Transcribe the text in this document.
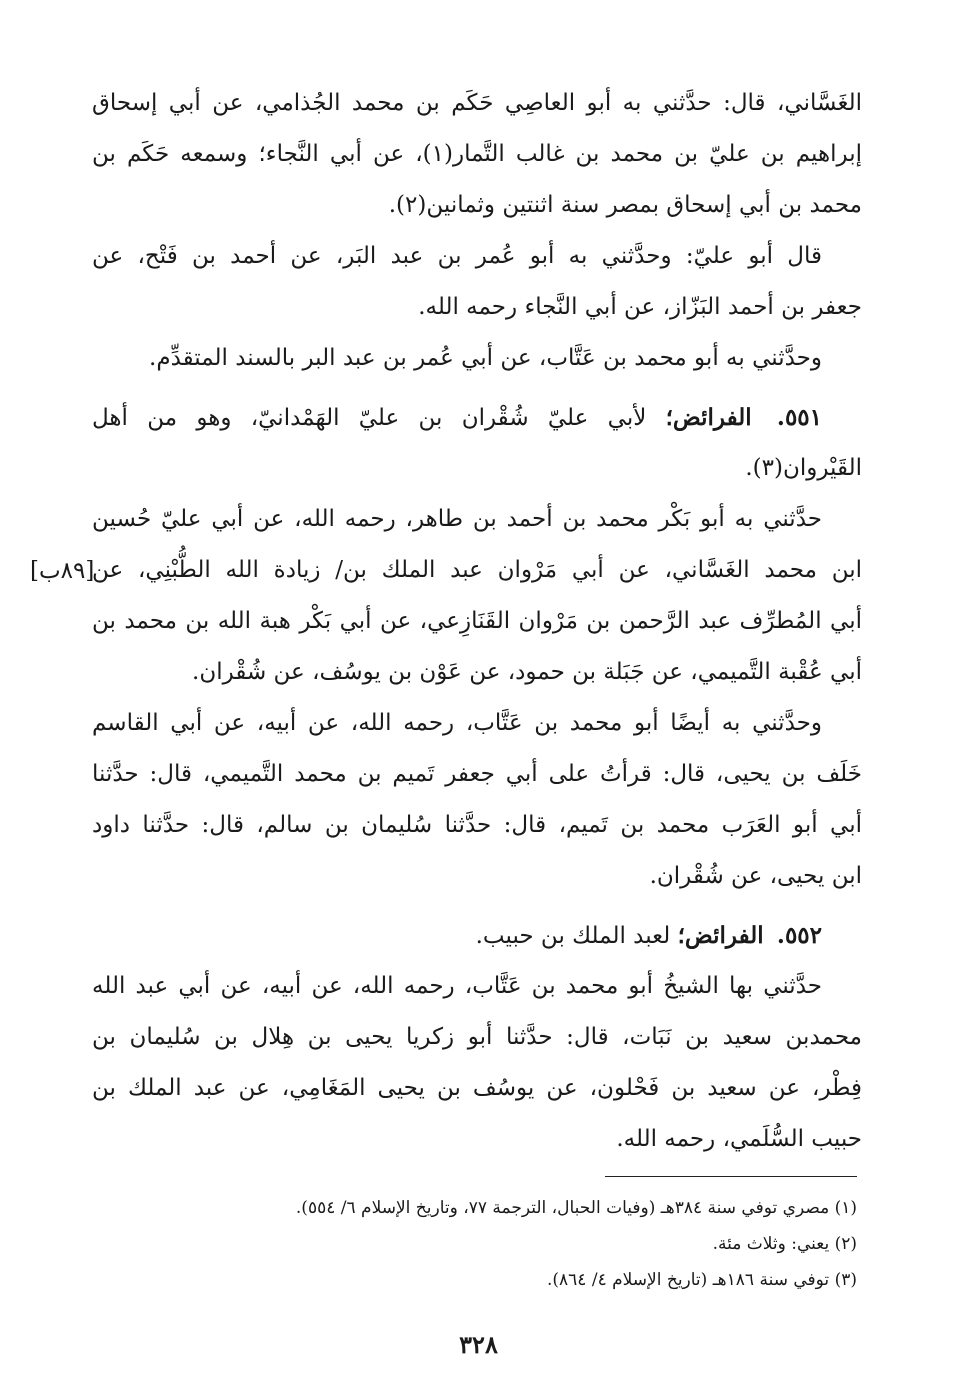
الغَسَّاني، قال: حدَّثني به أبو العاصِي حَكَم بن محمد الجُذامي، عن أبي إسحاق
إبراهيم بن عليّ بن محمد بن غالب التَّمار(١)، عن أبي النَّجاء؛ وسمعه حَكَم بن
محمد بن أبي إسحاق بمصر سنة اثنتين وثمانين(٢).
قال أبو عليّ: وحدَّثني به أبو عُمر بن عبد البَر، عن أحمد بن فَتْح، عن
جعفر بن أحمد البَزّاز، عن أبي النَّجاء رحمه الله.
وحدَّثني به أبو محمد بن عَتَّاب، عن أبي عُمر بن عبد البر بالسند المتقدِّم.
٥٥١. الفرائض؛ لأبي عليّ شُقْران بن عليّ الهَمْدانيّ، وهو من أهل
القَيْروان(٣).
حدَّثني به أبو بَكْر محمد بن أحمد بن طاهر، رحمه الله، عن أبي عليّ حُسين
ابن محمد الغَسَّاني، عن أبي مَرْوان عبد الملك بن/ زيادة الله الطُّبْنِي، عن
أبي المُطرِّف عبد الرَّحمن بن مَرْوان القَنَازِعي، عن أبي بَكْر هبة الله بن محمد بن
أبي عُقْبة التَّميمي، عن جَبَلة بن حمود، عن عَوْن بن يوسُف، عن شُقْران.
وحدَّثني به أيضًا أبو محمد بن عَتَّاب، رحمه الله، عن أبيه، عن أبي القاسم
خَلَف بن يحيى، قال: قرأتُ على أبي جعفر تَميم بن محمد التَّميمي، قال: حدَّثنا
أبي أبو العَرَب محمد بن تَميم، قال: حدَّثنا سُليمان بن سالم، قال: حدَّثنا داود
ابن يحيى، عن شُقْران.
٥٥٢. الفرائض؛ لعبد الملك بن حبيب.
حدَّثني بها الشيخُ أبو محمد بن عَتَّاب، رحمه الله، عن أبيه، عن أبي عبد الله
محمدبن سعيد بن نَبَات، قال: حدَّثنا أبو زكريا يحيى بن هِلال بن سُليمان بن
فِطْر، عن سعيد بن فَحْلون، عن يوسُف بن يحيى المَغَامِي، عن عبد الملك بن
حبيب السُّلَمي، رحمه الله.
[٨٩ب]
(١) مصري توفي سنة ٣٨٤هـ (وفيات الحبال، الترجمة ٧٧، وتاريخ الإسلام ٦/ ٥٥٤).
(٢) يعني: وثلاث مئة.
(٣) توفي سنة ١٨٦هـ (تاريخ الإسلام ٤/ ٨٦٤).
٣٢٨
